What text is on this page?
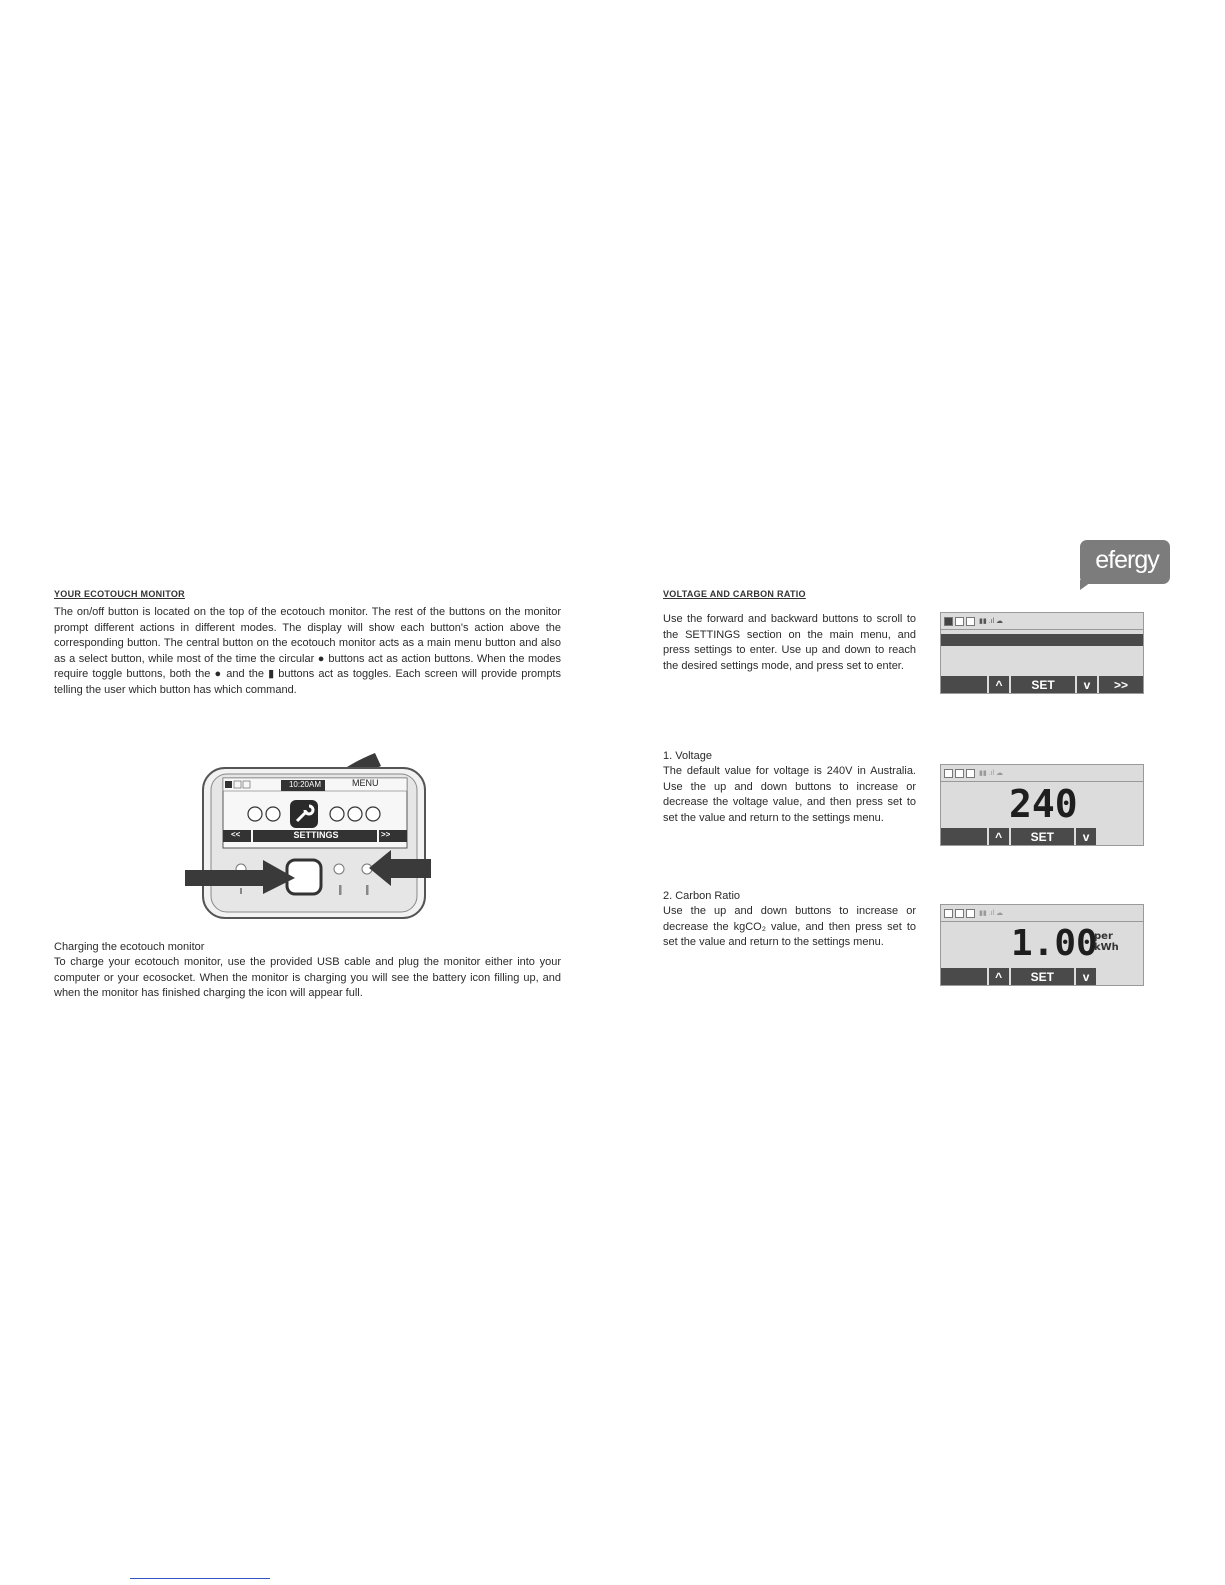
efergy
YOUR ECOTOUCH MONITOR
The on/off button is located on the top of the ecotouch monitor. The rest of the buttons on the monitor prompt different actions in different modes. The display will show each button's action above the corresponding button. The central button on the ecotouch monitor acts as a main menu button and also as a select button, while most of the time the circular ● buttons act as action buttons. When the modes require toggle buttons, both the ● and the ▮ buttons act as toggles. Each screen will provide prompts telling the user which button has which command.
10:20AM	MENU
<<	SETTINGS	>>
Charging the ecotouch monitor
To charge your ecotouch monitor, use the provided USB cable and plug the monitor either into your computer or your ecosocket. When the monitor is charging you will see the battery icon filling up, and when the monitor has finished charging the icon will appear full.
VOLTAGE AND CARBON RATIO
Use the forward and backward buttons to scroll to the SETTINGS section on the main menu, and press settings to enter. Use up and down to reach the desired settings mode, and press set to enter.
▮▮ .ıl ☁
^	SET	v	>>
1. Voltage
The default value for voltage is 240V in Australia. Use the up and down buttons to increase or decrease the voltage value, and then press set to set the value and return to the settings menu.
▮▮ .ıl ☁
240
^	SET	v
2. Carbon Ratio
Use the up and down buttons to increase or decrease the kgCO₂ value, and then press set to set the value and return to the settings menu.
▮▮ .ıl ☁
1.00
per
kWh
^	SET	v
